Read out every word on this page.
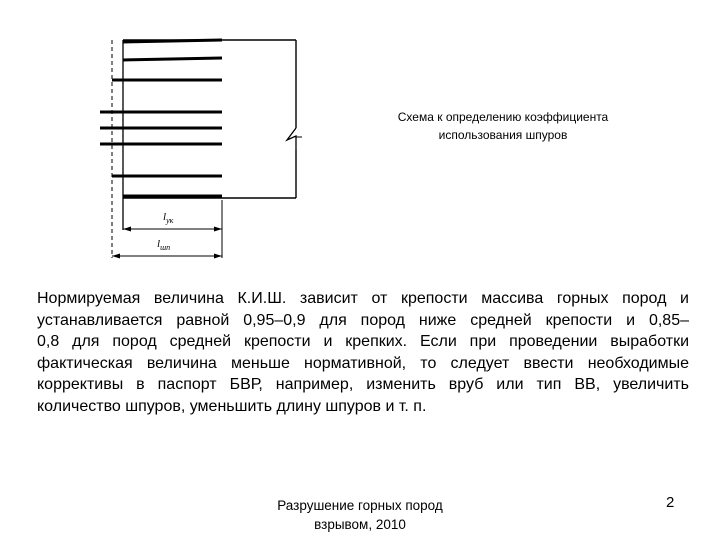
Схема к определению коэффициента
использования шпуров
$l_{ук}$
$l_{шп}$
Нормируемая величина К.И.Ш. зависит от крепости массива горных пород и
устанавливается равной 0,95–0,9 для пород ниже средней крепости и 0,85–
0,8 для пород средней крепости и крепких. Если при проведении выработки
фактическая величина меньше нормативной, то следует ввести необходимые
коррективы в паспорт БВР, например, изменить вруб или тип ВВ, увеличить
количество шпуров, уменьшить длину шпуров и т. п.
Разрушение горных пород
взрывом, 2010
2
